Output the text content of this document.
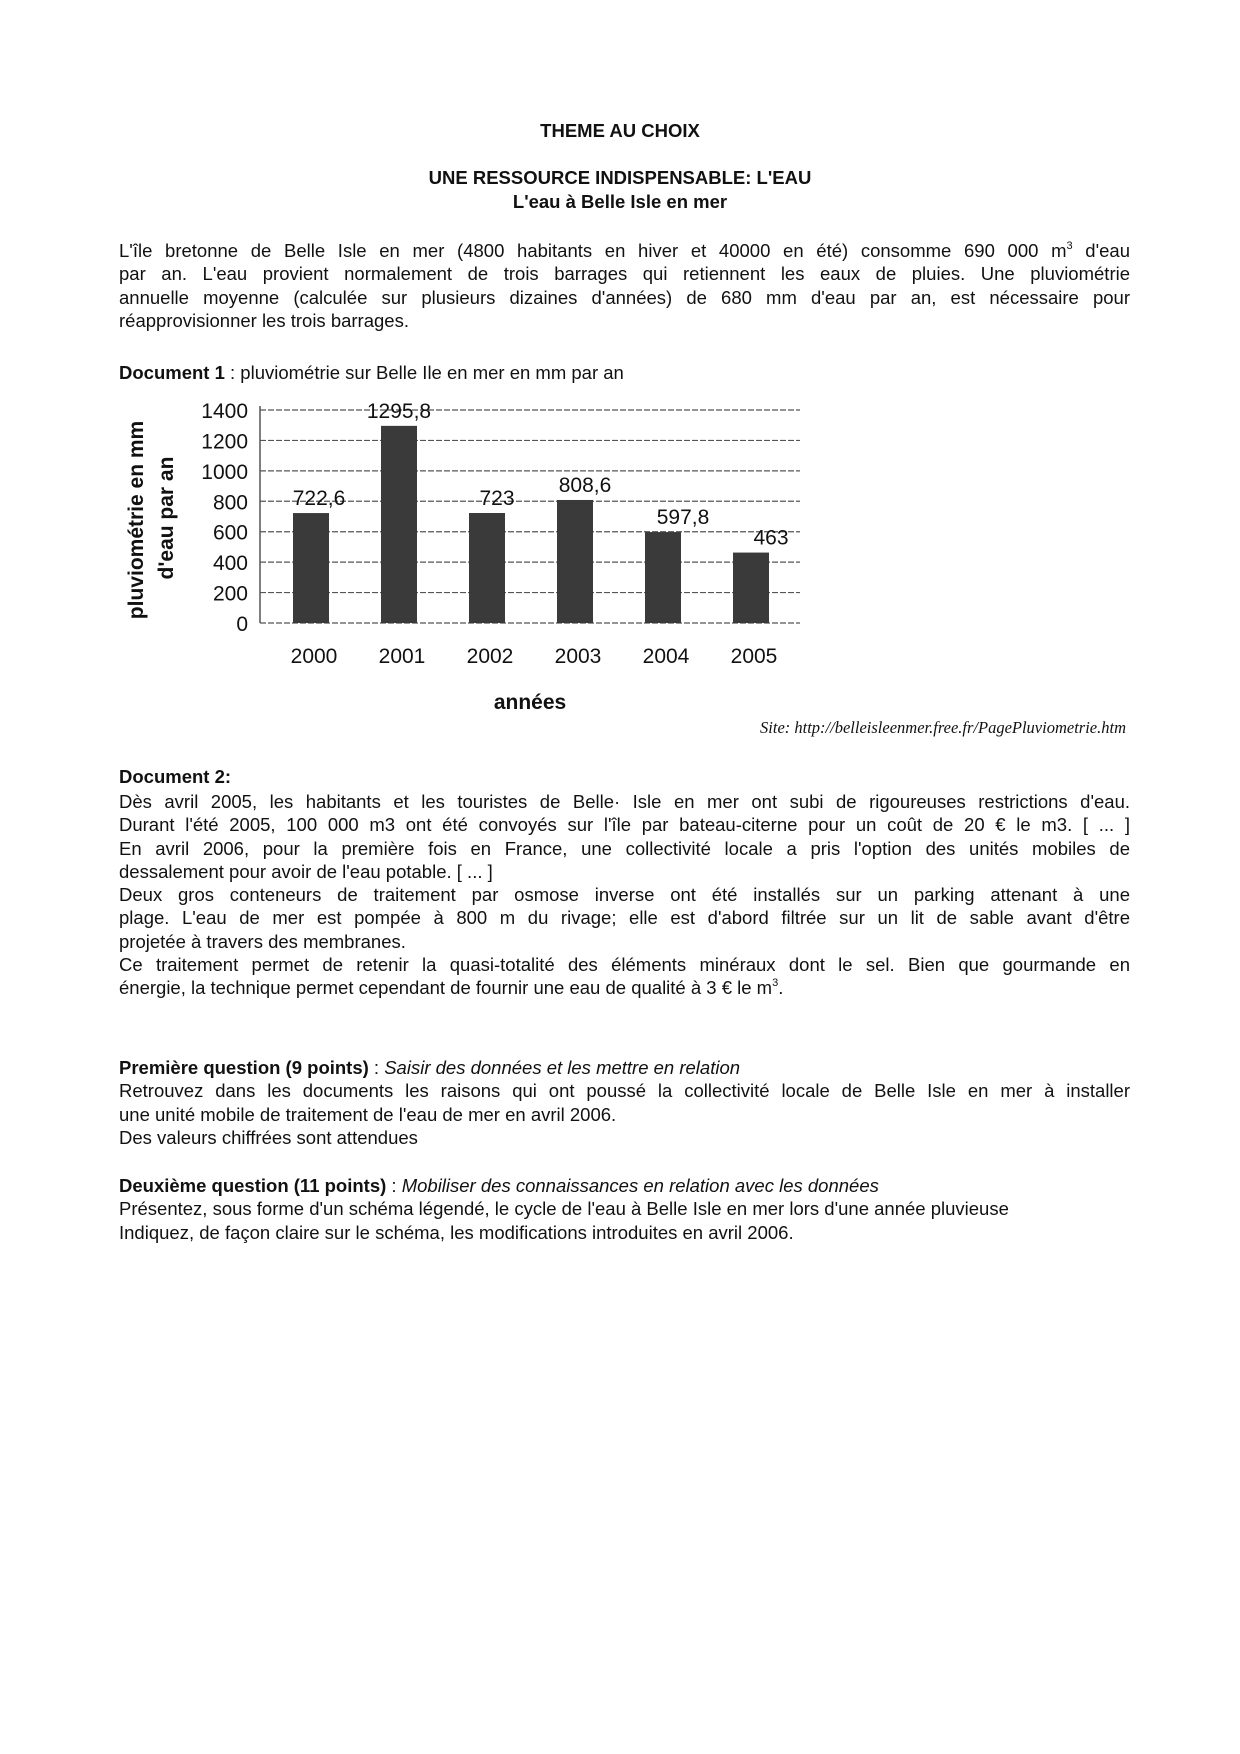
THEME AU CHOIX
UNE RESSOURCE INDISPENSABLE: L'EAU
L'eau à Belle Isle en mer
L'île bretonne de Belle Isle en mer (4800 habitants en hiver et 40000 en été) consomme 690 000 $m^3$ d'eau
par an. L'eau provient normalement de trois barrages qui retiennent les eaux de pluies. Une pluviométrie
annuelle moyenne (calculée sur plusieurs dizaines d'années) de 680 mm d'eau par an, est nécessaire pour
réapprovisionner les trois barrages.
Document 1 : pluviométrie sur Belle Ile en mer en mm par an
0
200
400
600
800
1000
1200
1400
722,6
2000
1295,8
2001
723
2002
808,6
2003
597,8
2004
463
2005
années
pluviométrie en mm d'eau par an
Site: http://belleisleenmer.free.fr/PagePluviometrie.htm
Document 2:
Dès avril 2005, les habitants et les touristes de Belle· Isle en mer ont subi de rigoureuses restrictions d'eau.
Durant l'été 2005, 100 000 m3 ont été convoyés sur l'île par bateau-citerne pour un coût de 20 € le m3. [ ... ]
En avril 2006, pour la première fois en France, une collectivité locale a pris l'option des unités mobiles de
dessalement pour avoir de l'eau potable. [ ... ]
Deux gros conteneurs de traitement par osmose inverse ont été installés sur un parking attenant à une
plage. L'eau de mer est pompée à 800 m du rivage; elle est d'abord filtrée sur un lit de sable avant d'être
projetée à travers des membranes.
Ce traitement permet de retenir la quasi-totalité des éléments minéraux dont le sel. Bien que gourmande en
énergie, la technique permet cependant de fournir une eau de qualité à 3 € le $m^3$.
Première question (9 points) : Saisir des données et les mettre en relation
Retrouvez dans les documents les raisons qui ont poussé la collectivité locale de Belle Isle en mer à installer
une unité mobile de traitement de l'eau de mer en avril 2006.
Des valeurs chiffrées sont attendues
Deuxième question (11 points) : Mobiliser des connaissances en relation avec les données
Présentez, sous forme d'un schéma légendé, le cycle de l'eau à Belle Isle en mer lors d'une année pluvieuse
Indiquez, de façon claire sur le schéma, les modifications introduites en avril 2006.
